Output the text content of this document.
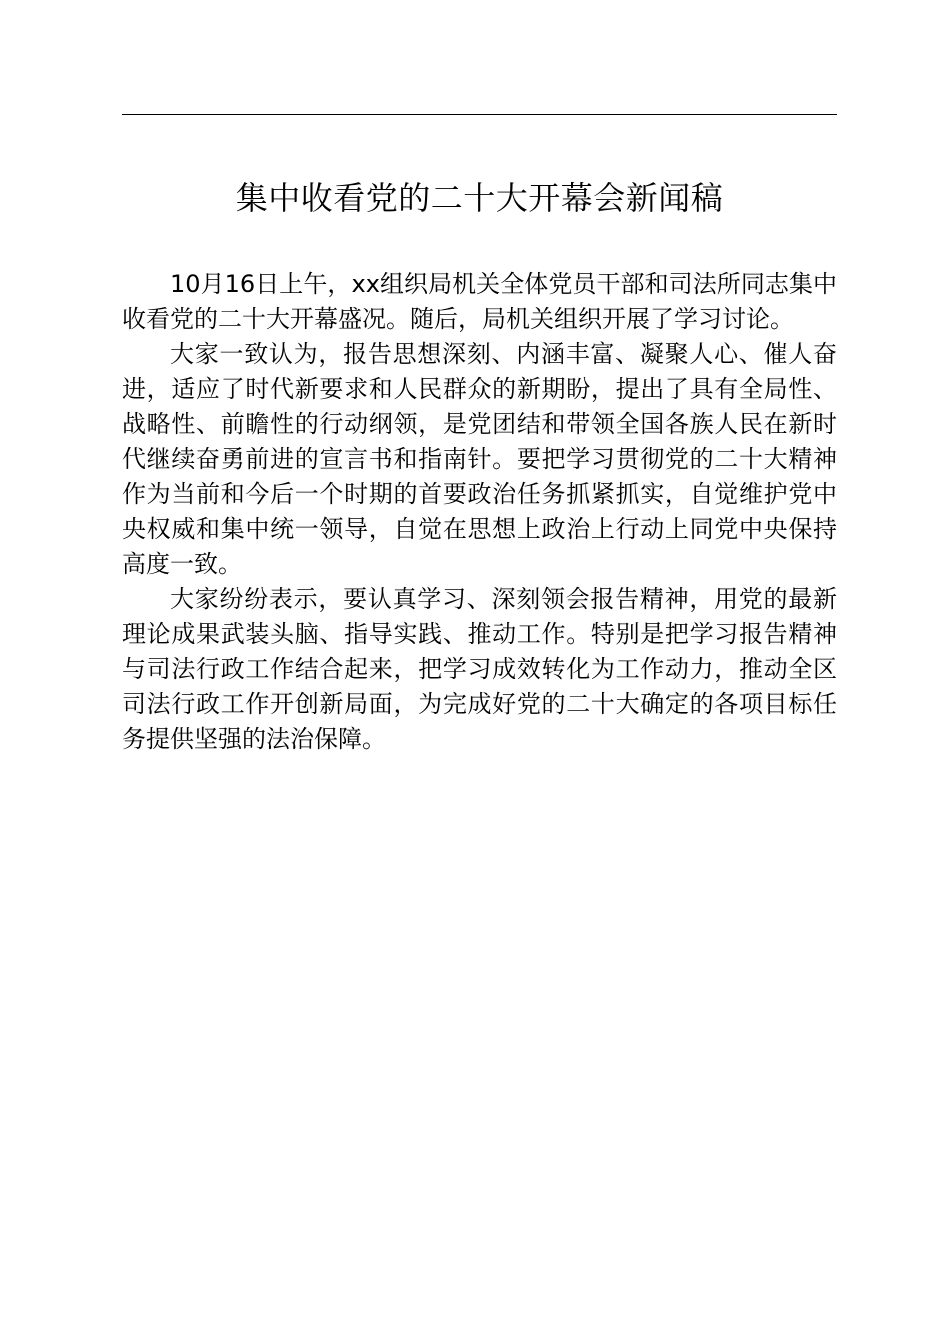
集中收看党的二十大开幕会新闻稿

10月16日上午，xx组织局机关全体党员干部和司法所同志集中收看党的二十大开幕盛况。随后，局机关组织开展了学习讨论。

大家一致认为，报告思想深刻、内涵丰富、凝聚人心、催人奋进，适应了时代新要求和人民群众的新期盼，提出了具有全局性、战略性、前瞻性的行动纲领，是党团结和带领全国各族人民在新时代继续奋勇前进的宣言书和指南针。要把学习贯彻党的二十大精神作为当前和今后一个时期的首要政治任务抓紧抓实，自觉维护党中央权威和集中统一领导，自觉在思想上政治上行动上同党中央保持高度一致。

大家纷纷表示，要认真学习、深刻领会报告精神，用党的最新理论成果武装头脑、指导实践、推动工作。特别是把学习报告精神与司法行政工作结合起来，把学习成效转化为工作动力，推动全区司法行政工作开创新局面，为完成好党的二十大确定的各项目标任务提供坚强的法治保障。
